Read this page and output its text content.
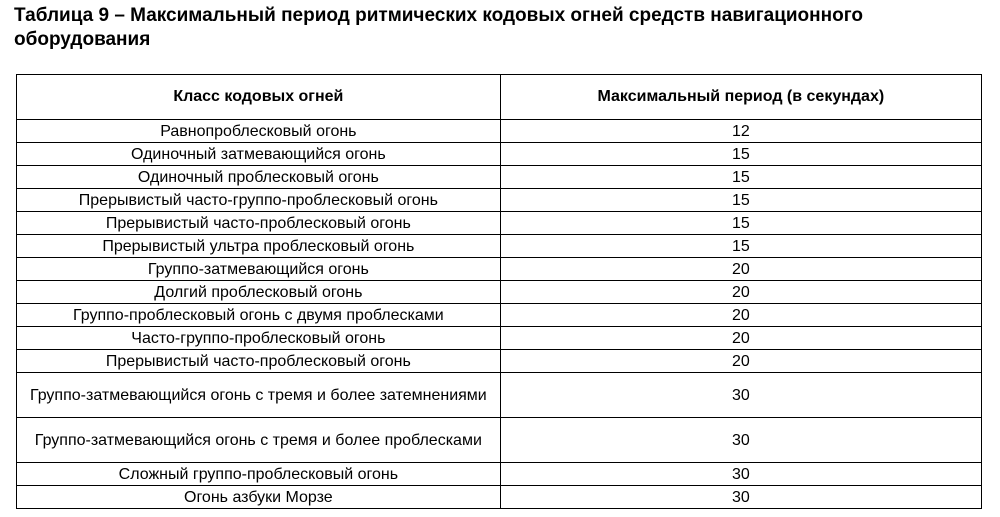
Таблица 9 – Максимальный период ритмических кодовых огней средств навигационного оборудования
Класс кодовых огней	Максимальный период (в секундах)
Равнопроблесковый огонь	12
Одиночный затмевающийся огонь	15
Одиночный проблесковый огонь	15
Прерывистый часто-группо-проблесковый огонь	15
Прерывистый часто-проблесковый огонь	15
Прерывистый ультра проблесковый огонь	15
Группо-затмевающийся огонь	20
Долгий проблесковый огонь	20
Группо-проблесковый огонь с двумя проблесками	20
Часто-группо-проблесковый огонь	20
Прерывистый часто-проблесковый огонь	20
Группо-затмевающийся огонь с тремя и более затемнениями	30
Группо-затмевающийся огонь с тремя и более проблесками	30
Сложный группо-проблесковый огонь	30
Огонь азбуки Морзе	30
